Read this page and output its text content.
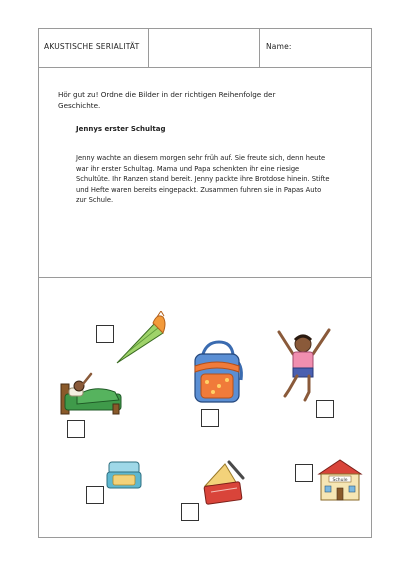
AKUSTISCHE SERIALITÄT	Name:
Hör gut zu! Ordne die Bilder in der richtigen Reihenfolge der Geschichte.
Jennys erster Schultag
Jenny wachte an diesem morgen sehr früh auf. Sie freute sich, denn heute war ihr erster Schultag. Mama und Papa schenkten ihr eine riesige Schultüte. Ihr Ranzen stand bereit. Jenny packte ihre Brotdose hinein. Stifte und Hefte waren bereits eingepackt. Zusammen fuhren sie in Papas Auto zur Schule.
Schule
